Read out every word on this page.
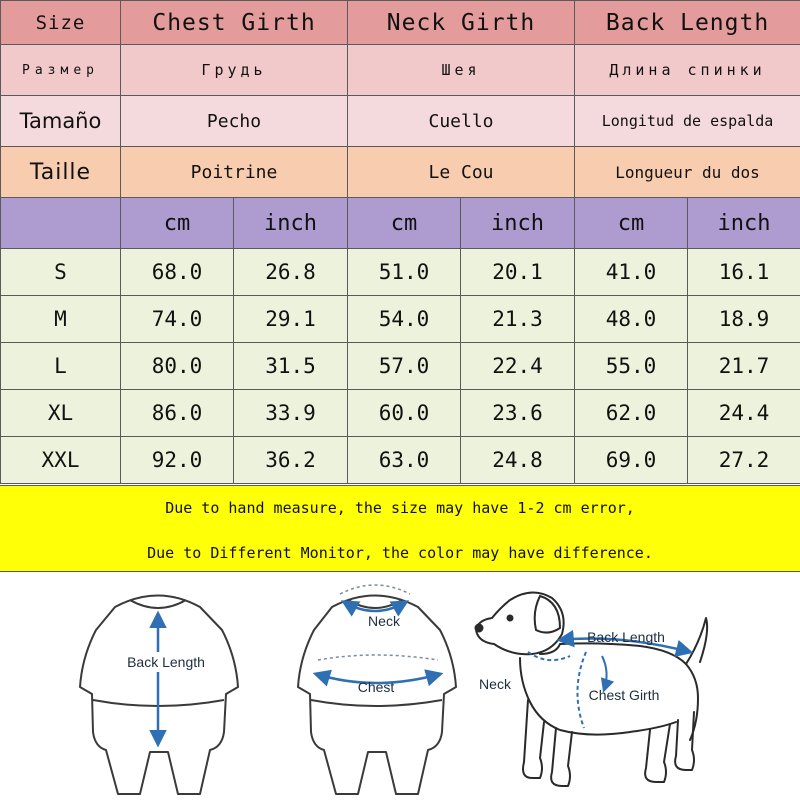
Size	Chest Girth		Neck Girth		Back Length	
Размер	Грудь		Шея		Длина спинки	
Tamaño	Pecho		Cuello		Longitud de espalda	
Taille	Poitrine		Le Cou		Longueur du dos	
	cm	inch	cm	inch	cm	inch
S	68.0	26.8	51.0	20.1	41.0	16.1
M	74.0	29.1	54.0	21.3	48.0	18.9
L	80.0	31.5	57.0	22.4	55.0	21.7
XL	86.0	33.9	60.0	23.6	62.0	24.4
XXL	92.0	36.2	63.0	24.8	69.0	27.2
Due to hand measure, the size may have 1-2 cm error,
Due to Different Monitor, the color may have difference.
Back Length
Neck
Chest
Back Length
Neck
Chest Girth
